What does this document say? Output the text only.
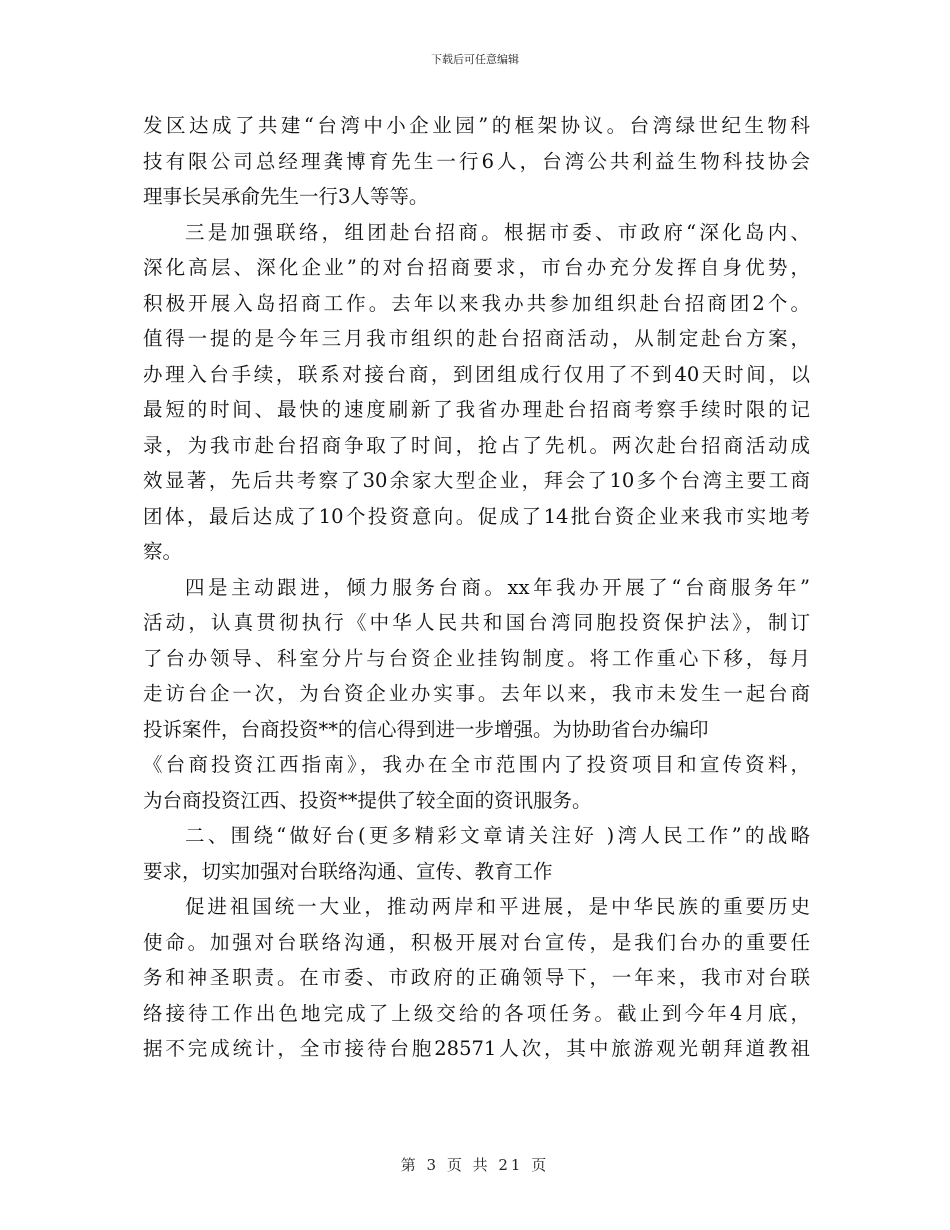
下载后可任意编辑
发区达成了共建“台湾中小企业园”的框架协议。台湾绿世纪生物科
技有限公司总经理龚博育先生一行6人，台湾公共利益生物科技协会
理事长吴承俞先生一行3人等等。
三是加强联络，组团赴台招商。根据市委、市政府“深化岛内、
深化高层、深化企业”的对台招商要求，市台办充分发挥自身优势，
积极开展入岛招商工作。去年以来我办共参加组织赴台招商团2个。
值得一提的是今年三月我市组织的赴台招商活动，从制定赴台方案，
办理入台手续，联系对接台商，到团组成行仅用了不到40天时间，以
最短的时间、最快的速度刷新了我省办理赴台招商考察手续时限的记
录，为我市赴台招商争取了时间，抢占了先机。两次赴台招商活动成
效显著，先后共考察了30余家大型企业，拜会了10多个台湾主要工商
团体，最后达成了10个投资意向。促成了14批台资企业来我市实地考
察。
四是主动跟进，倾力服务台商。xx年我办开展了“台商服务年”
活动，认真贯彻执行《中华人民共和国台湾同胞投资保护法》，制订
了台办领导、科室分片与台资企业挂钩制度。将工作重心下移，每月
走访台企一次，为台资企业办实事。去年以来，我市未发生一起台商
投诉案件，台商投资**的信心得到进一步增强。为协助省台办编印
《台商投资江西指南》，我办在全市范围内了投资项目和宣传资料，
为台商投资江西、投资**提供了较全面的资讯服务。
二、围绕“做好台(更多精彩文章请关注好 )湾人民工作”的战略
要求，切实加强对台联络沟通、宣传、教育工作
促进祖国统一大业，推动两岸和平进展，是中华民族的重要历史
使命。加强对台联络沟通，积极开展对台宣传，是我们台办的重要任
务和神圣职责。在市委、市政府的正确领导下，一年来，我市对台联
络接待工作出色地完成了上级交给的各项任务。截止到今年4月底，
据不完成统计，全市接待台胞28571人次，其中旅游观光朝拜道教祖
第 3 页 共 21 页
